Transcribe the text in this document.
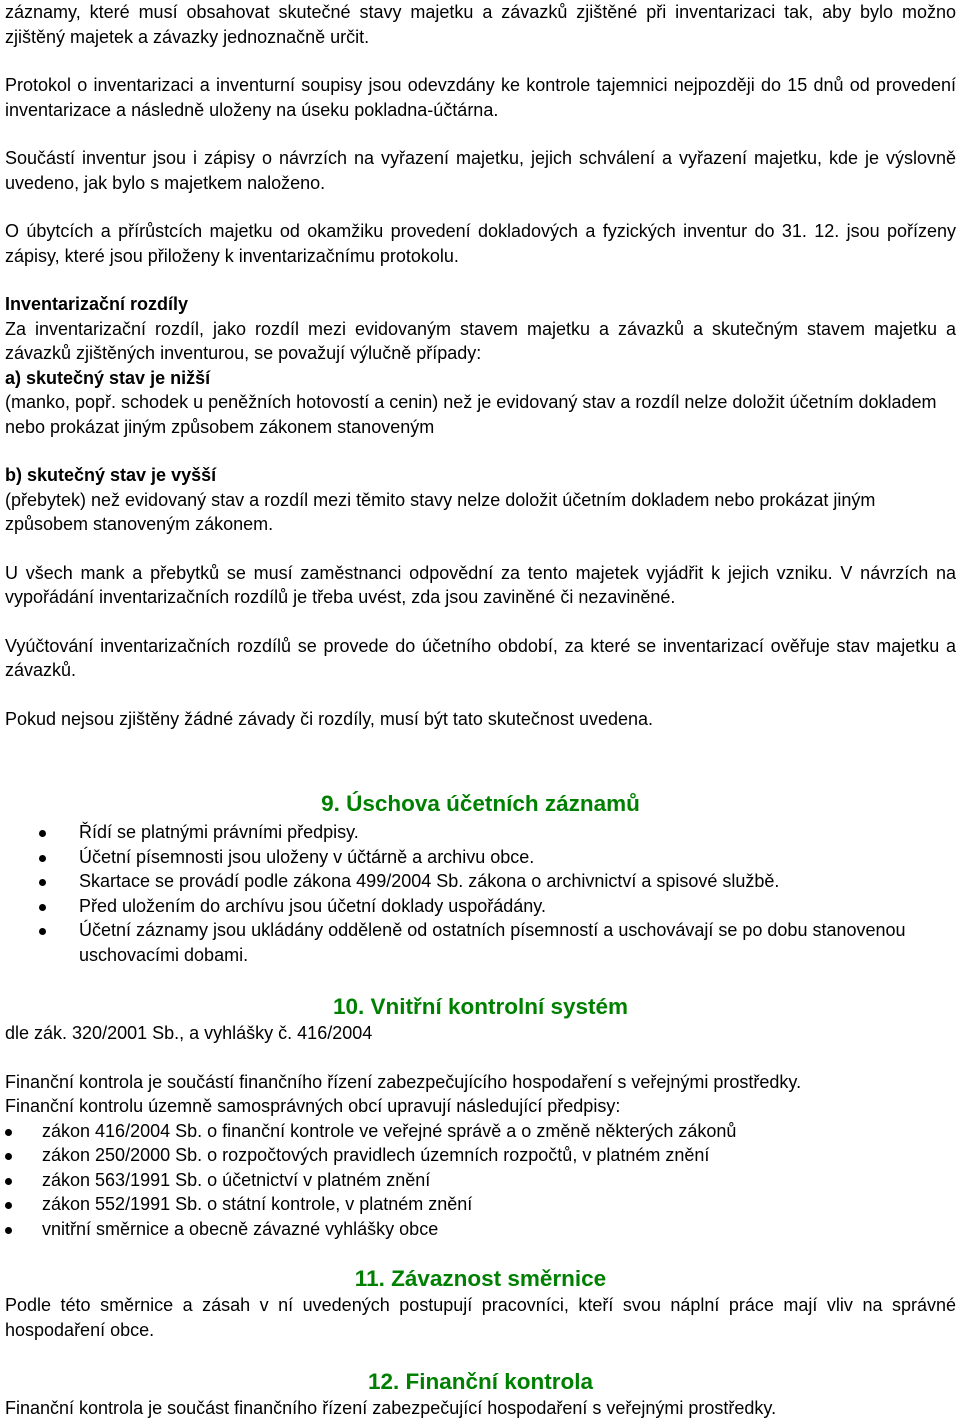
záznamy, které musí obsahovat skutečné stavy majetku a závazků zjištěné při inventarizaci tak, aby bylo možno zjištěný majetek a závazky jednoznačně určit.

Protokol o inventarizaci a inventurní soupisy jsou odevzdány ke kontrole tajemnici nejpozději do 15 dnů od provedení inventarizace a následně uloženy na úseku pokladna-účtárna.

Součástí inventur jsou i zápisy o návrzích na vyřazení majetku, jejich schválení a vyřazení majetku, kde je výslovně uvedeno, jak bylo s majetkem naloženo.

O úbytcích a přírůstcích majetku od okamžiku provedení dokladových a fyzických inventur do 31. 12. jsou pořízeny zápisy, které jsou přiloženy k inventarizačnímu protokolu.

Inventarizační rozdíly

Za inventarizační rozdíl, jako rozdíl mezi evidovaným stavem majetku a závazků a skutečným stavem majetku a závazků zjištěných inventurou, se považují výlučně případy:

a) skutečný stav je nižší

(manko, popř. schodek u peněžních hotovostí a cenin) než je evidovaný stav a rozdíl nelze doložit účetním dokladem nebo prokázat jiným způsobem zákonem stanoveným

b) skutečný stav je vyšší

(přebytek) než evidovaný stav a rozdíl mezi těmito stavy nelze doložit účetním dokladem nebo prokázat jiným způsobem stanoveným zákonem.

U všech mank a přebytků se musí zaměstnanci odpovědní za tento majetek vyjádřit k jejich vzniku. V návrzích na vypořádání inventarizačních rozdílů je třeba uvést, zda jsou zaviněné či nezaviněné.

Vyúčtování inventarizačních rozdílů se provede do účetního období, za které se inventarizací ověřuje stav majetku a závazků.

Pokud nejsou zjištěny žádné závady či rozdíly, musí být tato skutečnost uvedena.

9. Úschova účetních záznamů
Řídí se platnými právními předpisy.
Účetní písemnosti jsou uloženy v účtárně a archivu obce.
Skartace se provádí podle zákona 499/2004 Sb. zákona o archivnictví a spisové službě.
Před uložením do archívu jsou účetní doklady uspořádány.
Účetní záznamy jsou ukládány odděleně od ostatních písemností a uschovávají se po dobu stanovenou uschovacími dobami.
10. Vnitřní kontrolní systém

dle zák. 320/2001 Sb., a vyhlášky č. 416/2004

Finanční kontrola je součástí finančního řízení zabezpečujícího hospodaření s veřejnými prostředky.

Finanční kontrolu územně samosprávných obcí upravují následující předpisy:

zákon 416/2004 Sb. o finanční kontrole ve veřejné správě a o změně některých zákonů
zákon 250/2000 Sb. o rozpočtových pravidlech územních rozpočtů, v platném znění
zákon 563/1991 Sb. o účetnictví v platném znění
zákon 552/1991 Sb. o státní kontrole, v platném znění
vnitřní směrnice a obecně závazné vyhlášky obce
11. Závaznost směrnice

Podle této směrnice a zásah v ní uvedených postupují pracovníci, kteří svou náplní práce mají vliv na správné hospodaření obce.

12. Finanční kontrola

Finanční kontrola je součást finančního řízení zabezpečující hospodaření s veřejnými prostředky.
